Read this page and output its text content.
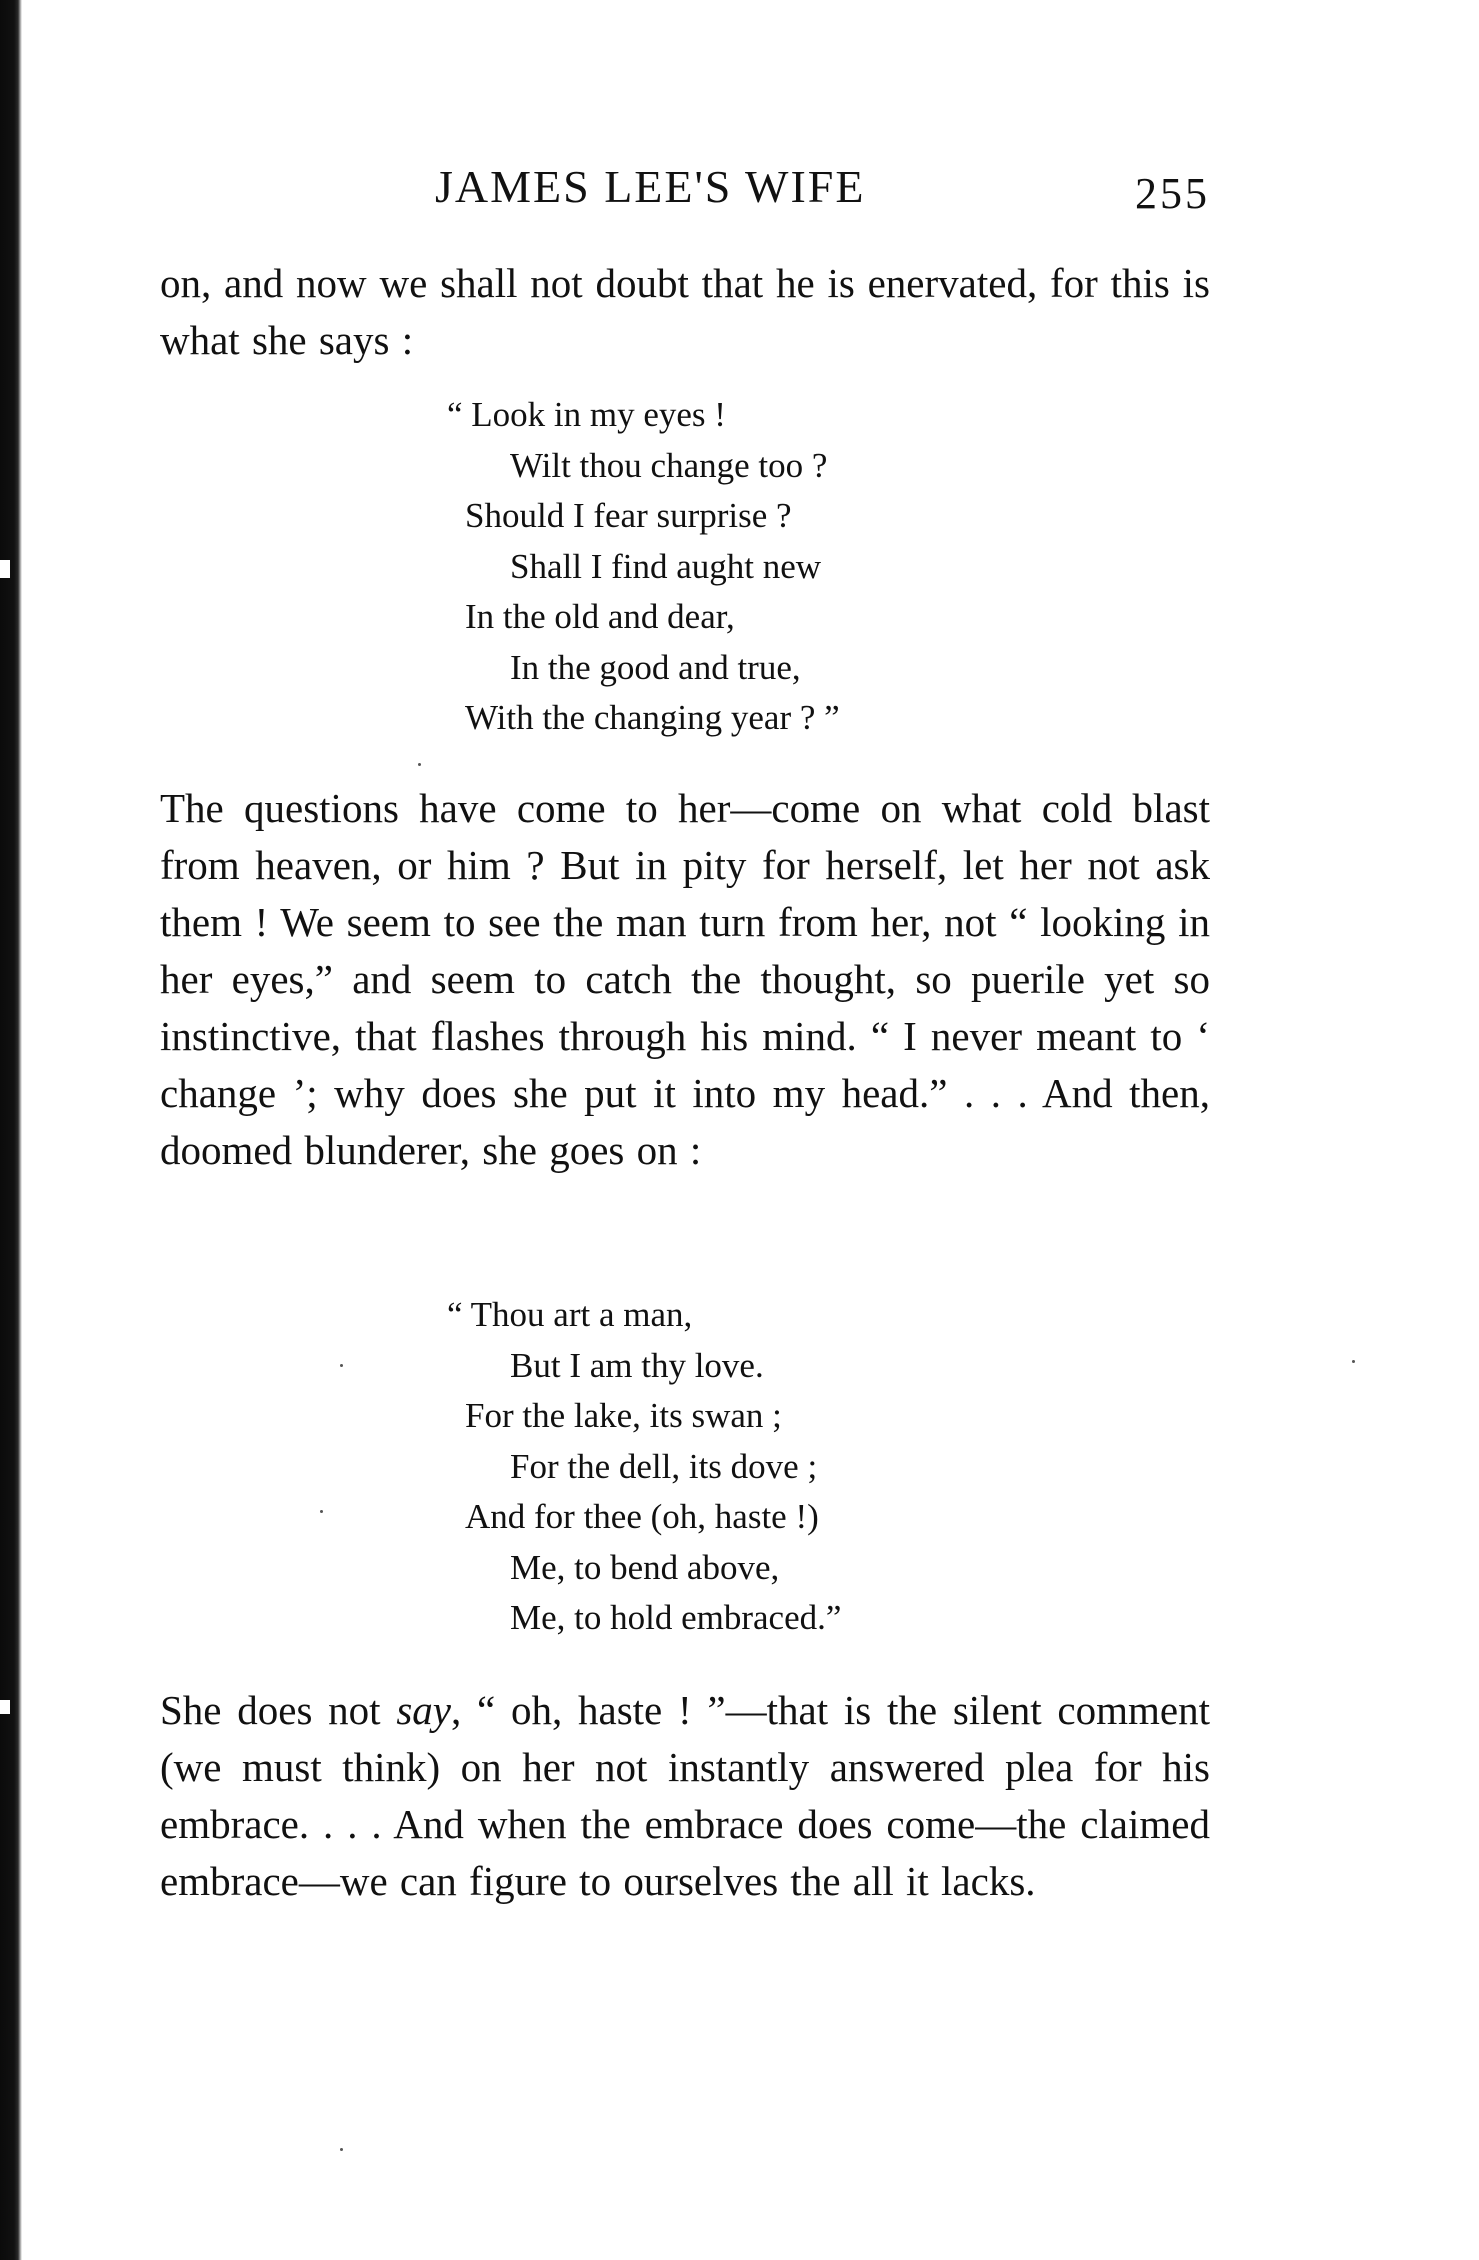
JAMES LEE'S WIFE	255

on, and now we shall not doubt that he is enervated, for this is what she says :

“ Look in my eyes !
Wilt thou change too ?
Should I fear surprise ?
Shall I find aught new
In the old and dear,
In the good and true,
With the changing year ? ”

The questions have come to her—come on what cold blast from heaven, or him ? But in pity for herself, let her not ask them ! We seem to see the man turn from her, not “ looking in her eyes,” and seem to catch the thought, so puerile yet so instinctive, that flashes through his mind. “ I never meant to ‘ change ’; why does she put it into my head.” . . . And then, doomed blunderer, she goes on :

“ Thou art a man,
But I am thy love.
For the lake, its swan ;
For the dell, its dove ;
And for thee (oh, haste !)
Me, to bend above,
Me, to hold embraced.”

She does not say, “ oh, haste ! ”—that is the silent comment (we must think) on her not instantly answered plea for his embrace. . . . And when the embrace does come—the claimed embrace—we can figure to ourselves the all it lacks.
